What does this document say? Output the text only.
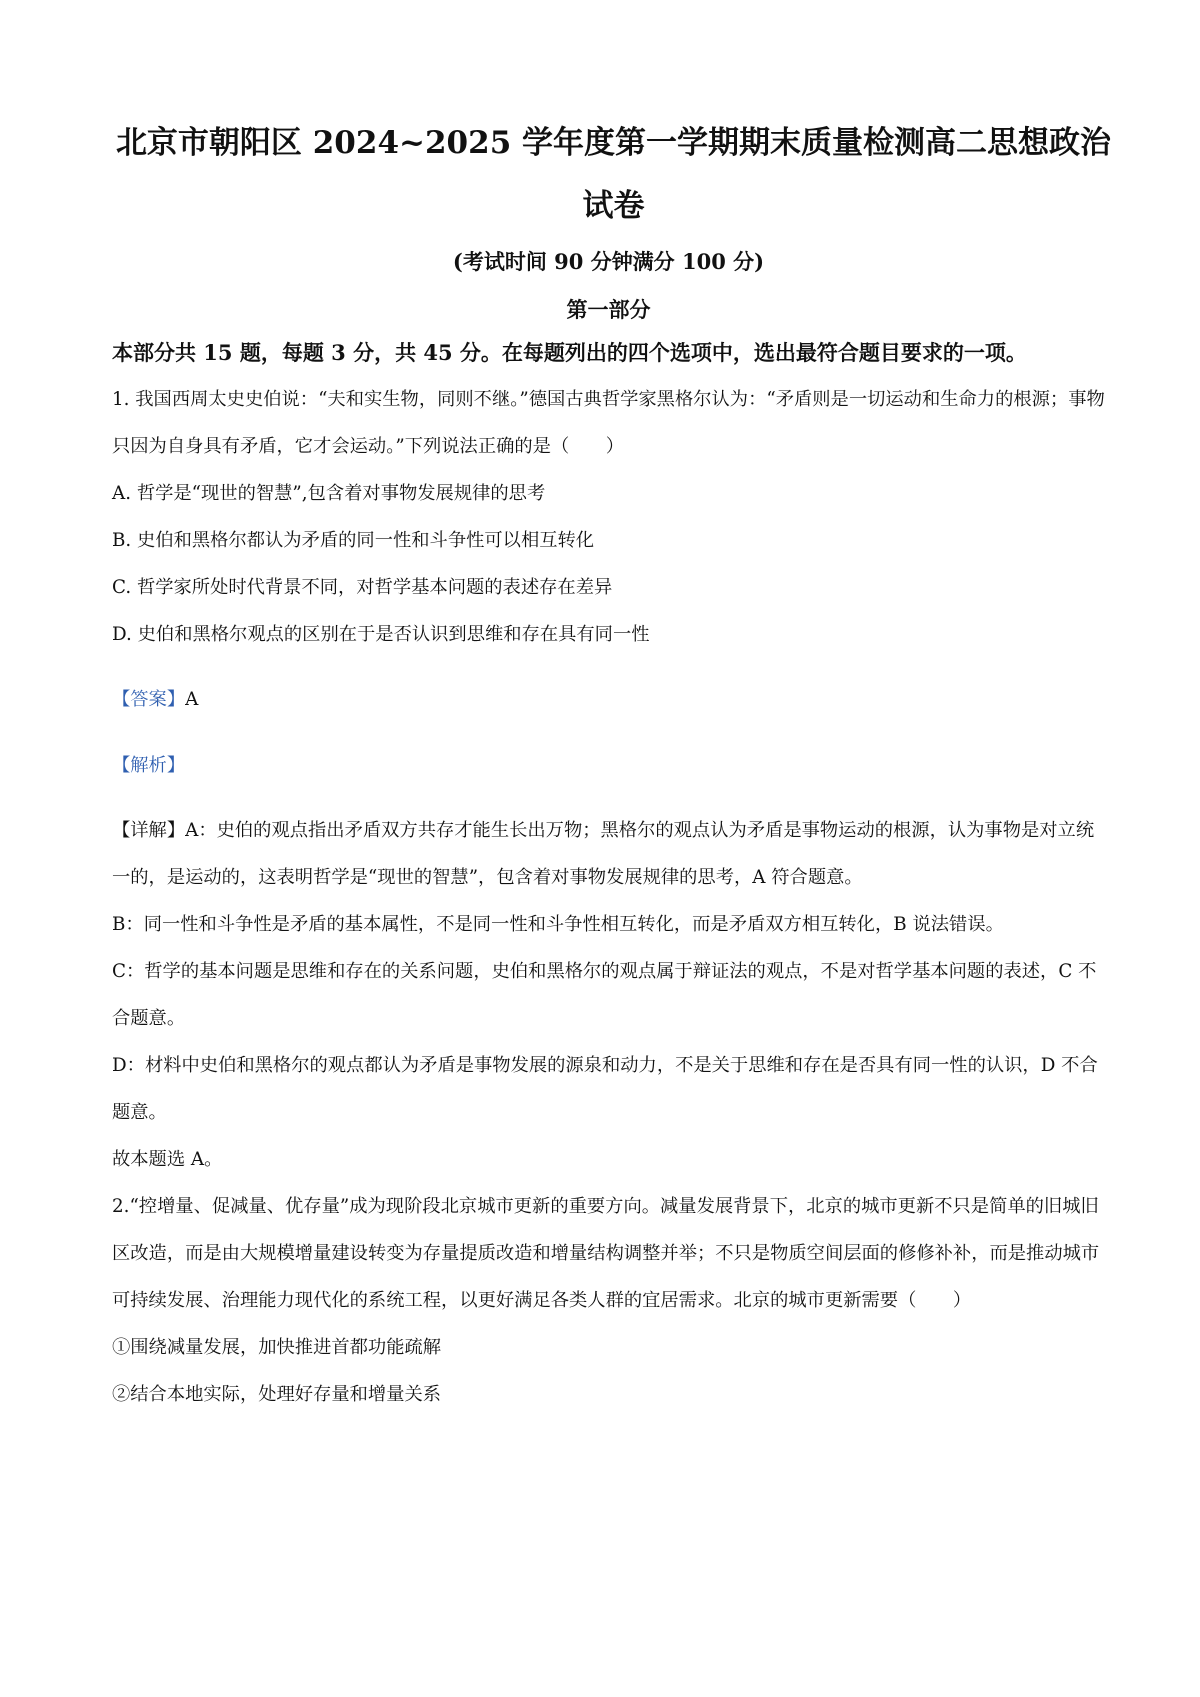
北京市朝阳区 2024~2025 学年度第一学期期末质量检测高二思想政治
试卷
(考试时间 90 分钟满分 100 分)
第一部分
本部分共 15 题，每题 3 分，共 45 分。在每题列出的四个选项中，选出最符合题目要求的一项。

1. 我国西周太史史伯说：“夫和实生物，同则不继。”德国古典哲学家黑格尔认为：“矛盾则是一切运动和生命力的根源；事物只因为自身具有矛盾，它才会运动。”下列说法正确的是（　　）

A. 哲学是“现世的智慧”,包含着对事物发展规律的思考

B. 史伯和黑格尔都认为矛盾的同一性和斗争性可以相互转化

C. 哲学家所处时代背景不同，对哲学基本问题的表述存在差异

D. 史伯和黑格尔观点的区别在于是否认识到思维和存在具有同一性

【答案】A

【解析】

【详解】A：史伯的观点指出矛盾双方共存才能生长出万物；黑格尔的观点认为矛盾是事物运动的根源，认为事物是对立统一的，是运动的，这表明哲学是“现世的智慧”，包含着对事物发展规律的思考，A 符合题意。

B：同一性和斗争性是矛盾的基本属性，不是同一性和斗争性相互转化，而是矛盾双方相互转化，B 说法错误。

C：哲学的基本问题是思维和存在的关系问题，史伯和黑格尔的观点属于辩证法的观点，不是对哲学基本问题的表述，C 不合题意。

D：材料中史伯和黑格尔的观点都认为矛盾是事物发展的源泉和动力，不是关于思维和存在是否具有同一性的认识，D 不合题意。

故本题选 A。

2.“控增量、促减量、优存量”成为现阶段北京城市更新的重要方向。减量发展背景下，北京的城市更新不只是简单的旧城旧区改造，而是由大规模增量建设转变为存量提质改造和增量结构调整并举；不只是物质空间层面的修修补补，而是推动城市可持续发展、治理能力现代化的系统工程，以更好满足各类人群的宜居需求。北京的城市更新需要（　　）

①围绕减量发展，加快推进首都功能疏解

②结合本地实际，处理好存量和增量关系
